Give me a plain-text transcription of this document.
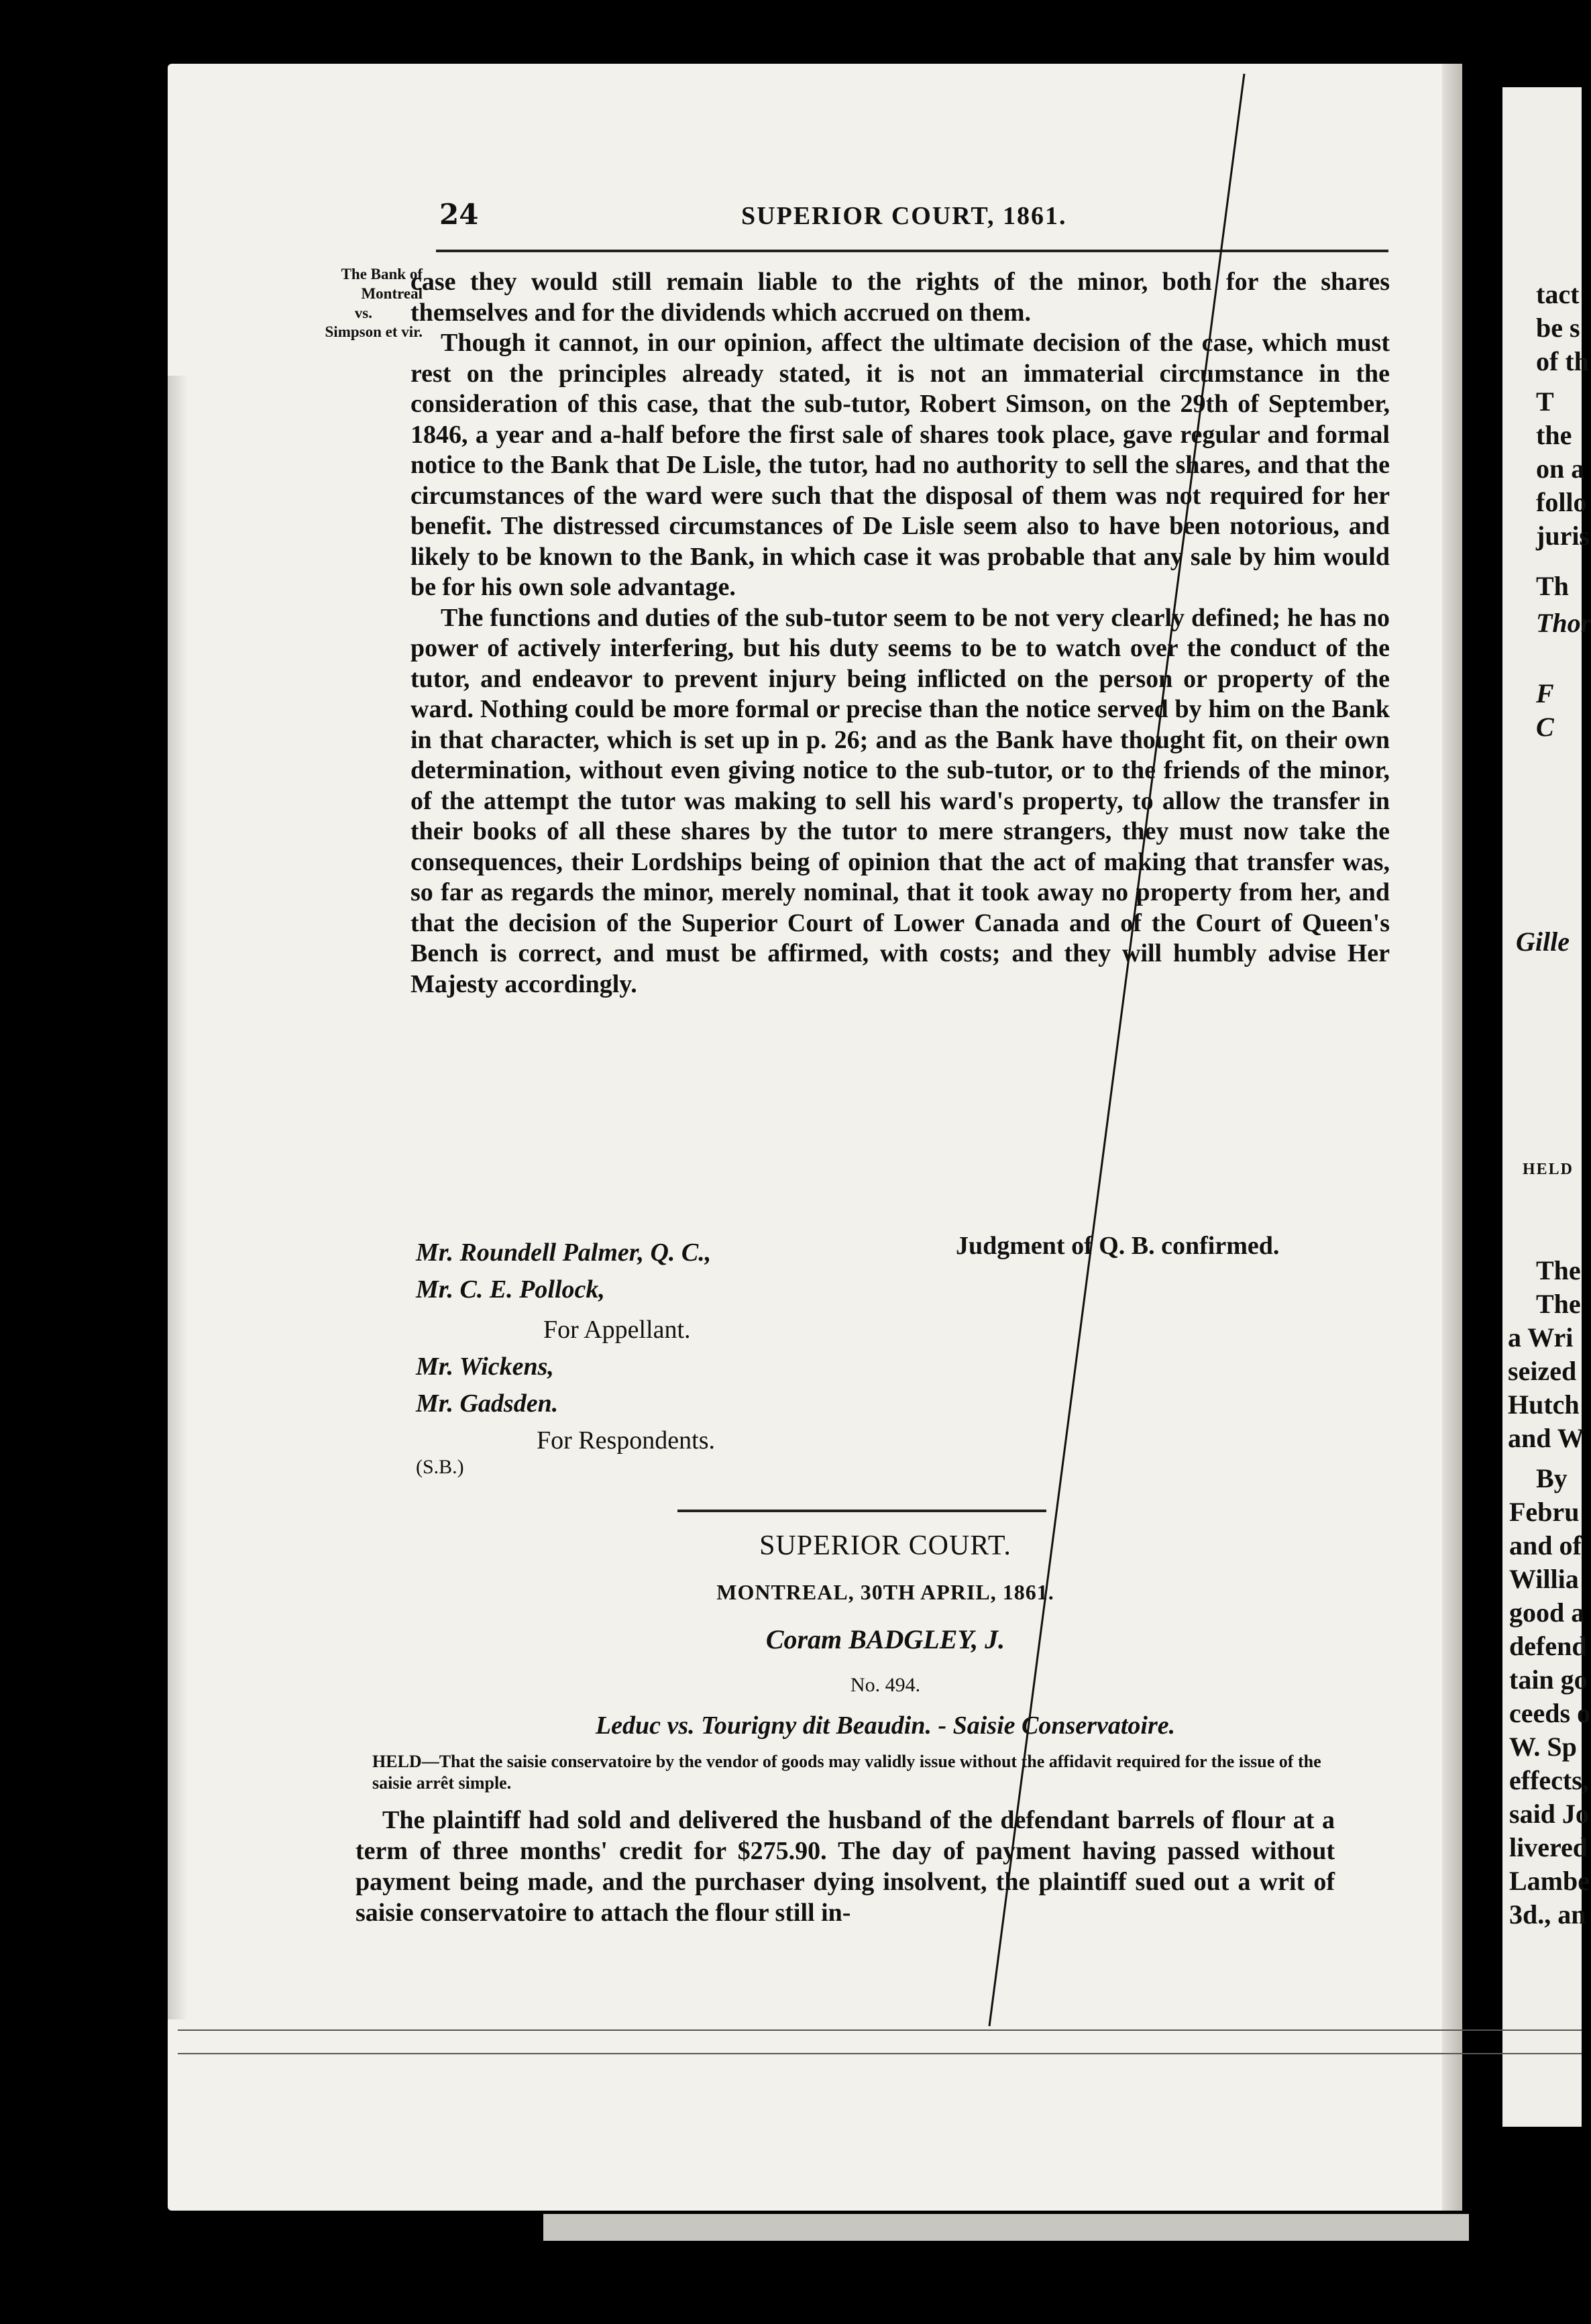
tact
be s
of th
T
the
on a
follo
juris
Th
Thor
F
C
Gille
HELD
The
The
a Wri
seized
Hutch
and W
By
Febru
and of
Willia
good a
defend
tain go
ceeds o
W. Sp
effects,
said Jo
livered
Lambe
3d., an
24	SUPERIOR COURT, 1861.
The Bank of
Montreal
vs.
Simpson et vir.

case they would still remain liable to the rights of the minor, both for the shares themselves and for the dividends which accrued on them.

Though it cannot, in our opinion, affect the ultimate decision of the case, which must rest on the principles already stated, it is not an immaterial circumstance in the consideration of this case, that the sub-tutor, Robert Simson, on the 29th of September, 1846, a year and a-half before the first sale of shares took place, gave regular and formal notice to the Bank that De Lisle, the tutor, had no authority to sell the shares, and that the circumstances of the ward were such that the disposal of them was not required for her benefit. The distressed circumstances of De Lisle seem also to have been notorious, and likely to be known to the Bank, in which case it was probable that any sale by him would be for his own sole advantage.

The functions and duties of the sub-tutor seem to be not very clearly defined; he has no power of actively interfering, but his duty seems to be to watch over the conduct of the tutor, and endeavor to prevent injury being inflicted on the person or property of the ward. Nothing could be more formal or precise than the notice served by him on the Bank in that character, which is set up in p. 26; and as the Bank have thought fit, on their own determination, without even giving notice to the sub-tutor, or to the friends of the minor, of the attempt the tutor was making to sell his ward's property, to allow the transfer in their books of all these shares by the tutor to mere strangers, they must now take the consequences, their Lordships being of opinion that the act of making that transfer was, so far as regards the minor, merely nominal, that it took away no property from her, and that the decision of the Superior Court of Lower Canada and of the Court of Queen's Bench is correct, and must be affirmed, with costs; and they will humbly advise Her Majesty accordingly.

Judgment of Q. B. confirmed.
Mr. Roundell Palmer, Q. C.,
Mr. C. E. Pollock,
For Appellant.
Mr. Wickens,
Mr. Gadsden.
For Respondents.
(S.B.)
SUPERIOR COURT.
MONTREAL, 30TH APRIL, 1861.
Coram BADGLEY, J.
No. 494.
Leduc vs. Tourigny dit Beaudin. - Saisie Conservatoire.
HELD—That the saisie conservatoire by the vendor of goods may validly issue without the affidavit required for the issue of the saisie arrêt simple.

The plaintiff had sold and delivered the husband of the defendant barrels of flour at a term of three months' credit for $275.90. The day of payment having passed without payment being made, and the purchaser dying insolvent, the plaintiff sued out a writ of saisie conservatoire to attach the flour still in-
